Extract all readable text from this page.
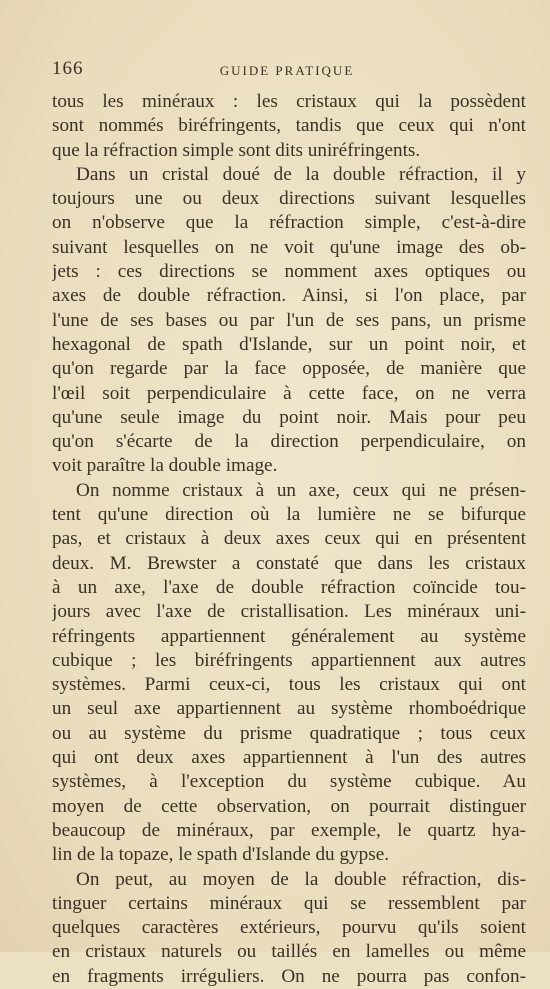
166	$_{GUIDE PRATIQUE}$
tous les minéraux : les cristaux qui la possèdent
sont nommés biréfringents, tandis que ceux qui n'ont
que la réfraction simple sont dits uniréfringents.
Dans un cristal doué de la double réfraction, il y
toujours une ou deux directions suivant lesquelles
on n'observe que la réfraction simple, c'est-à-dire
suivant lesquelles on ne voit qu'une image des ob-
jets : ces directions se nomment axes optiques ou
axes de double réfraction. Ainsi, si l'on place, par
l'une de ses bases ou par l'un de ses pans, un prisme
hexagonal de spath d'Islande, sur un point noir, et
qu'on regarde par la face opposée, de manière que
l'œil soit perpendiculaire à cette face, on ne verra
qu'une seule image du point noir. Mais pour peu
qu'on s'écarte de la direction perpendiculaire, on
voit paraître la double image.
On nomme cristaux à un axe, ceux qui ne présen-
tent qu'une direction où la lumière ne se bifurque
pas, et cristaux à deux axes ceux qui en présentent
deux. M. Brewster a constaté que dans les cristaux
à un axe, l'axe de double réfraction coïncide tou-
jours avec l'axe de cristallisation. Les minéraux uni-
réfringents appartiennent généralement au système
cubique ; les biréfringents appartiennent aux autres
systèmes. Parmi ceux-ci, tous les cristaux qui ont
un seul axe appartiennent au système rhomboédrique
ou au système du prisme quadratique ; tous ceux
qui ont deux axes appartiennent à l'un des autres
systèmes, à l'exception du système cubique. Au
moyen de cette observation, on pourrait distinguer
beaucoup de minéraux, par exemple, le quartz hya-
lin de la topaze, le spath d'Islande du gypse.
On peut, au moyen de la double réfraction, dis-
tinguer certains minéraux qui se ressemblent par
quelques caractères extérieurs, pourvu qu'ils soient
en cristaux naturels ou taillés en lamelles ou même
en fragments irréguliers. On ne pourra pas confon-
